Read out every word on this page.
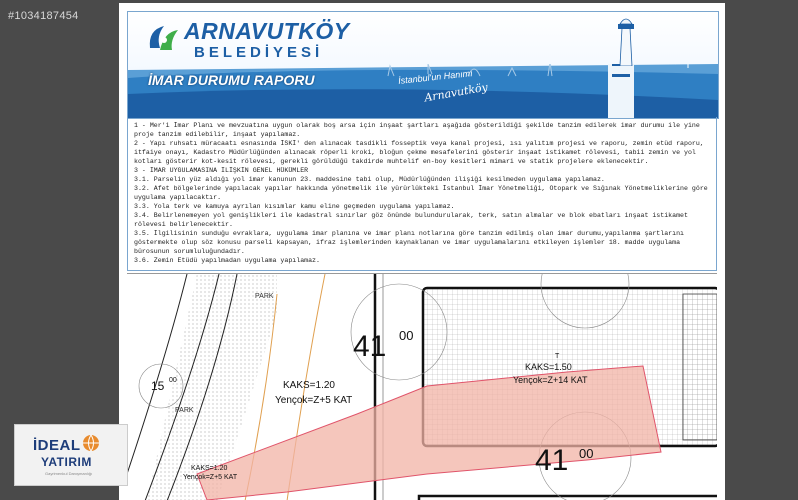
#1034187454
ARNAVUTKÖY
BELEDİYESİ
İMAR DURUMU RAPORU	İstanbul'un Hanımı
Arnavutköy

1 - Mer'i İmar Planı ve mevzuatına uygun olarak boş arsa için inşaat şartları aşağıda gösterildiği şekilde tanzim edilerek imar durumu ile yine proje tanzim edilebilir, inşaat yapılamaz.

2 - Yapı ruhsatı müracaatı esnasında İSKİ' den alınacak tasdikli fosseptik veya kanal projesi, ısı yalıtım projesi ve raporu, zemin etüd raporu, itfaiye onayı, Kadastro Müdürlüğünden alınacak röperli kroki, bloğun çekme mesafelerini gösterir inşaat istikamet rölevesi, tabii zemin ve yol kotları gösterir kot-kesit rölevesi, gerekli görüldüğü takdirde muhtelif en-boy kesitleri mimari ve statik projelere eklenecektir.

3 - İMAR UYGULAMASINA İLİŞKİN GENEL HÜKÜMLER

3.1. Parselin yüz aldığı yol imar kanunun 23. maddesine tabi olup, Müdürlüğünden ilişiği kesilmeden uygulama yapılamaz.

3.2. Afet bölgelerinde yapılacak yapılar hakkında yönetmelik ile yürürlükteki İstanbul İmar Yönetmeliği, Otopark ve Sığınak Yönetmeliklerine göre uygulama yapılacaktır.

3.3. Yola terk ve kamuya ayrılan kısımlar kamu eline geçmeden uygulama yapılamaz.

3.4. Belirlenemeyen yol genişlikleri ile kadastral sınırlar göz önünde bulundurularak, terk, satın almalar ve blok ebatları inşaat istikamet rölevesi belirlenecektir.

3.5. İlgilisinin sunduğu evraklara, uygulama imar planına ve imar planı notlarına göre tanzim edilmiş olan imar durumu,yapılanma şartlarını göstermekte olup söz konusu parseli kapsayan, ifraz işlemlerinden kaynaklanan ve imar uygulamalarını etkileyen işlemler 18. madde uygulama bürosunun sorumluluğundadır.

3.6. Zemin Etüdü yapılmadan uygulama yapılamaz.

PARK
PARK
41 00
41 00
15 00	KAKS=1.20
Yençok=Z+5 KAT
KAKS=1.50
Yençok=Z+14 KAT
KAKS=1.20
Yençok=Z+5 KAT
T
İDEAL
YATIRIM
Gayrimenkul Danışmanlığı
